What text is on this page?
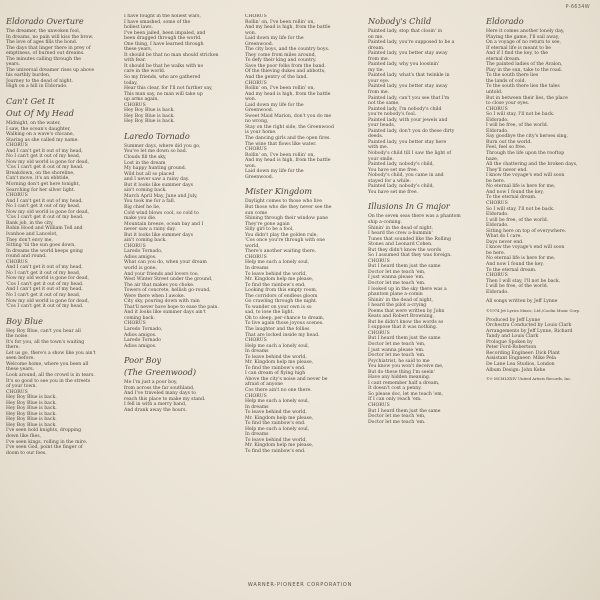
P-6634W

Eldorado Overture

The dreamer, the unwoken fool,

In dreams, no pain will kiss the brow.

The love of ages fills the bond.

The days that linger there in prey of

emptiness, of burned out dreams.

The minutes calling through the

years.

The universal dreamer rises up above

his earthly burden,

Journey to the dead of night.

High on a hill in Eldorado.

Can't Get It

Out Of My Head

Midnight, on the water,

I saw, the ocean's daughter,

Walking on a wave's chicane,

Staring as she called my name.

CHORUS

And I can't get it out of my head,

No I can't get it out of my head,

Now my old world is gone for dead,

'Cos I can't get it out of my head.

Breakdown, on the shoreline,

Can't move, it's an ebbtide,

Morning don't get here tonight,

Searching for her silver light.

CHORUS

And I can't get it out of my head,

No I can't get it out of my head,

Now my old world is gone for dead,

'Cos I can't get it out of my head.

Bank job, in the city,

Robin Hood and William Tell and

Ivanhoe and Lancelot,

They don't envy me,

Sitting 'til the sun goes down,

In dreams the world keeps going

round and round.

CHORUS

And I can't get it out of my head,

No I can't get it out of my head,

Now my old world is gone for dead,

'Cos I can't get it out of my head.

And I can't get it out of my head,

No I can't get it out of my head,

Now my old world is gone for dead,

'Cos I can't get it out of my head.

Boy Blue

Hey Boy Blue, can't you hear all

the noise.

It's for you, all the town's waiting

there.

Let us go, there's a show like you ain't

seen before.

Welcome home, where you been all

these years.

Look around, all the crowd is in tears.

It's so good to see you in the streets

of your town.

CHORUS

Hey Boy Blue is back.

Hey Boy Blue is back.

Hey Boy Blue is back.

Hey Boy Blue is back.

Hey Boy Blue is back.

Hey Boy Blue is back.

I've seen bold knights, dropping

down like flies,

I've seen kings, rolling in the mire.

I've seen God, point the finger of

doom to our foes.

I have fought in the holiest wars,

I have smashed, some of the

holiest laws.

I've been jailed, been impaled, and

been dragged through the world.

One thing, I have learned through

these years,

It should be that no man should stricken

with fear.

It should be that he walks with no

care in the world.

So my friends, who are gathered

today,

Hear this clear, for I'll not further say,

This man say, no man will take up

up arms again.

CHORUS

Hey Boy Blue is back.

Hey Boy Blue is back.

Hey Boy Blue is back.

Laredo Tornado

Summer days, where did you go,

You've let me down so bad.

Clouds fill the sky,

Lost in the dream

My happy hunting ground.

Wild but all so placed

and I never saw a rainy day.

But it looks like summer days

ain't coming back.

March April May, June and July,

You took me for a fall.

Big chief he lie,

Cold wind blows cool, so cold to

make you die.

Mountain breeze, ocean bay and I

never saw a rainy day.

But it looks like summer days

ain't coming back.

CHORUS

Laredo Tornado,

Adios amigos.

What can you do, when your dream

world is gone,

And your friends and lovers too.

West Winter Street under the ground,

The air that makes you choke.

Towers of concrete, hellish go-round,

Were there when I awoke.

City sky, pouring down with rain

That'll never have hope to ease the pain.

And it looks like summer days ain't

coming back.

CHORUS

Laredo Tornado,

Adios amigos.

Laredo Tornado

Adios amigos.

Poor Boy

(The Greenwood)

Me I'm just a poor boy,

from across the far southland,

And I've traveled many days to

reach this place to make my stand.

I fell in with a merry band,

And drank away the hours.

CHORUS

Rollin' on, I've been rollin' on,

And my head is high, from the battle

won.

Laid down my life for the

Greenwood.

The city boys, and the country boys.

They come from miles around,

To defy their king and country.

Save the poor folks from the band.

Of the thieving dukes and abbotts,

And the gentry of the land.

CHORUS

Rollin' on, I've been rollin' on,

And my head is high, from the battle

won.

Laid down my life for the

Greenwood.

Sweet Maid Marion, don't you do me

no wrong,

Stay on the right side, the Greenwood

is your home.

The dancing girls and the open fires.

The wine that flows like water.

CHORUS

Rollin' on, I've been rollin' on,

And my head is high, from the battle

won.

Laid down my life for the

Greenwood.

Mister Kingdom

Daylight comes to those who live

But those who die they never see the

sun come

Shining through their window pane

They're gone again

Silly girl to be a fool,

You didn't play the golden rule,

'Cos once you're through with one

world,

There's another waiting there.

CHORUS

Help me such a lonely soul,

In dreams

To leave behind the world,

Mr. Kingdom help me please,

To find the rainbow's end.

Looking from this empty room,

The corridors of endless gloom

Go crawling through the night.

To wander on your own is so

sad, to lose the light.

Oh to sleep, per-chance to dream,

To live again those joyous scenes.

The laughter and the follies

That are locked inside my head.

CHORUS

Help me such a lonely soul,

In dreams

To leave behind the world,

Mr. Kingdom help me please,

To find the rainbow's end.

I can dream of flying high

Above the city's noise and never be

afraid of anyone

Cos there ain't no one there.

CHORUS

Help me such a lonely soul,

In dreams

To leave behind the world,

Mr. Kingdom help me please,

To find the rainbow's end.

Help me such a lonely soul,

In dreams

To leave behind the world,

Mr. Kingdom help me please,

To find the rainbow's end.

Nobody's Child

Painted lady, stop that closin' in

on me.

Painted lady, you're supposed to be a

dream.

Painted lady, you better stay away

from me.

Painted lady, why you loosinin'

my tie.

Painted lady, what's that twinkle in

your eye.

Painted lady, you better stay away

from me.

Painted lady, can't you see that I'm

not the same,

Painted lady, I'm nobody's child

you're nobody's fool.

Painted lady, with your jewels and

your beads,

Painted lady, don't you do these dirty

deeds.

Painted lady, you better stay here

with me.

Nobody's child till I saw the light of

your smile.

Painted lady, nobody's child,

You have set me free.

Nobody's child, you came in and

stayed for a while.

Painted lady, nobody's child,

You have set me free.

Illusions In G major

On the seven seas there was a phantom

ship a-coming.

Shinin' in the dead of night.

I heard the crew a-hummin'

Tunes that sounded like the Rolling

Stones and Leonard Cohen.

But they didn't know the words

So I assumed that they was foreign.

CHORUS

But I heard them just the same

Doctor let me teach 'em,

I just wanna please 'em.

Doctor let me teach 'em.

I looked up in the sky there was a

phantom plane a-comin

Shinin' in the dead of night,

I heard the pilot a-crying

Poems that were written by John

Keats and Robert Browning,

But he didn't know the words so

I suppose that it was nothing.

CHORUS

But I heard them just the same

Doctor let me teach 'em,

I just wanna please 'em.

Doctor let me teach 'em.

Psychiatrist, he said to me

You know you won't deceive me,

But do these thing I'm seein'

Have any hidden meaning.

I cant remember half a dream,

It doesn't cost a penny.

So please doc, let me teach 'em,

If I can only reach 'em.

CHORUS

But I heard them just the same

Doctor let me teach 'em,

Doctor let me teach 'em.

Eldorado

Here it comes another lonely day,

Playing the game, I'll sail away,

On a voyage of no return to see,

If eternal life is meant to be

And if I find the key, to the

eternal dream.

The painted ladies of the Avalon,

Play in the sun, take to the road.

To the south there lies

the lands of cold.

To the south there lies the tales

untold.

But in between their lies, the place

to close your eyes.

CHORUS

So I will stay, I'll not be back.

Eldorado.

I will be free, of the world.

Eldorado.

Say goodbye the city's heroes sing,

Burn out the world.

Feel, feel so free.

Through the life upon the rooftop

haze,

All the chattering and the broken days,

They'll never end.

I know the voyage's end will soon

be here.

No eternal life is here for me,

And now I found the key,

To the eternal dream.

CHORUS

So I will stay, I'll not be back.

Eldorado.

I will be free, of the world.

Eldorado.

Sitting here on top of everywhere.

What do I care.

Days never end.

I know the voyage's end will soon

be here.

No eternal life is here for me.

And now I found the key,

To the eternal dream.

CHORUS

Then I will stay, I'll not be back.

I will be free, of the world.

Eldorado.

All songs written by Jeff Lynne

©1974 Jet Lyrics Music, Ltd./Coolin Music Corp.

Produced by Jeff Lynne

Orchestra Conducted by Louis Clark

Arrangements by Jeff Lynne, Richard

Tandy and Louis Clark

Prologue Spoken by

Peter Ford-Robertson

Recording Engineer: Dick Plant

Assistant Engineer: Mike Pela

De Lane Lea Studios, London

Album Design: John Kehe

©℗ MCMLXXIV United Artists Records, Inc.

WARNER-PIONEER CORPORATION
